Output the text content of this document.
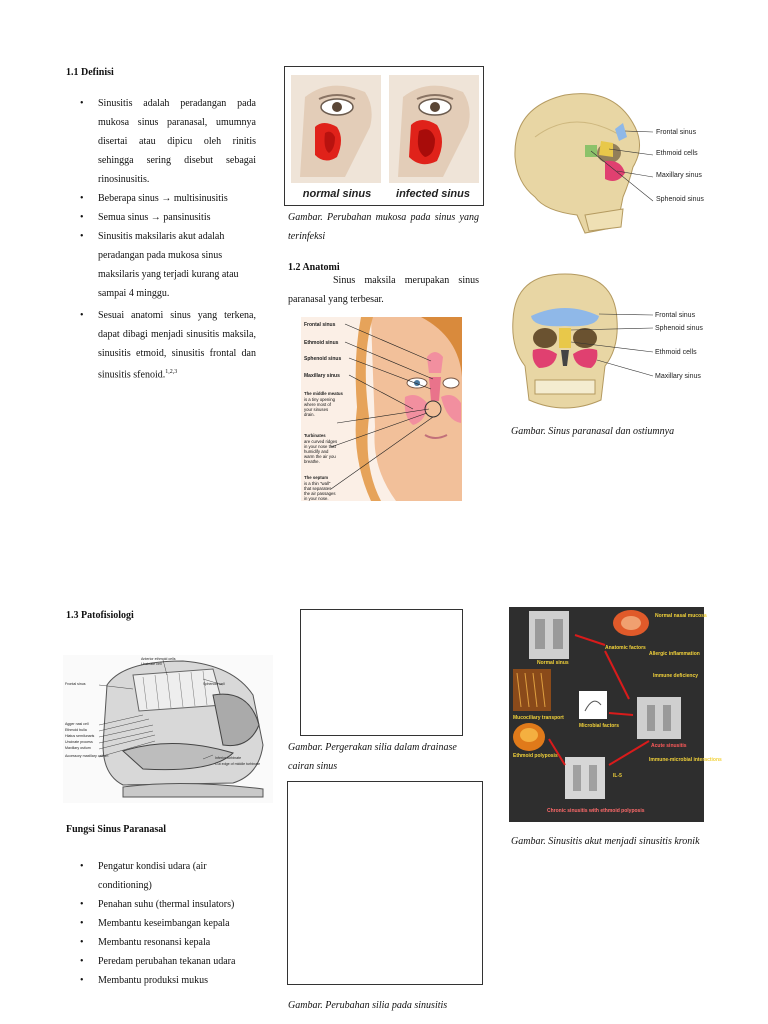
1.1 Definisi
• Sinusitis adalah peradangan pada mukosa sinus paranasal, umumnya disertai atau dipicu oleh rinitis sehingga sering disebut sebagai rinosinusitis.
• Beberapa sinus → multisinusitis
• Semua sinus → pansinusitis
• Sinusitis maksilaris akut adalah peradangan pada mukosa sinus maksilaris yang terjadi kurang atau sampai 4 minggu.
• Sesuai anatomi sinus yang terkena, dapat dibagi menjadi sinusitis maksila, sinusitis etmoid, sinusitis frontal dan sinusitis sfenoid.$^{1,2,3}$
normal sinus infected sinus
Gambar. Perubahan mukosa pada sinus yang terinfeksi
1.2 Anatomi
Sinus maksila merupakan sinus paranasal yang terbesar.
Frontal sinus
Ethmoid sinus
Sphenoid sinus
Maxillary sinus
The middle meatus
is a tiny opening where most of your sinuses drain.
Turbinates
are curved ridges in your nose that humidify and warm the air you breathe.
The septum
is a thin "wall" that separates the air passages in your nose.
Frontal sinus
Ethmoid cells
Maxillary sinus
Sphenoid sinus
Frontal sinus
Sphenoid sinus
Ethmoid cells
Maxillary sinus
Gambar. Sinus paranasal dan ostiumnya
1.3 Patofisiologi
Anterior ethmoid cells
Uncinate cell
Frontal sinus
Agger nasi cell
Ethmoid bulla
Hiatus semilunaris
Uncinate process
Maxillary ostium
Accessory maxillary ostium
Sphenoid cell
Inferior turbinate
Cut edge of middle turbinate
Gambar. Pergerakan silia dalam drainase cairan sinus
Gambar. Perubahan silia pada sinusitis
Normal nasal mucosa
Normal sinus
Anatomic factors
Allergic inflammation
Mucociliary transport
Immune deficiency
Microbial factors
Acute sinusitis
Ethmoid polyposis
IL-5
Immune-microbial interactions
Chronic sinusitis with ethmoid polyposis
Gambar. Sinusitis akut menjadi sinusitis kronik
Fungsi Sinus Paranasal
• Pengatur kondisi udara (air conditioning)
• Penahan suhu (thermal insulators)
• Membantu keseimbangan kepala
• Membantu resonansi kepala
• Peredam perubahan tekanan udara
• Membantu produksi mukus
